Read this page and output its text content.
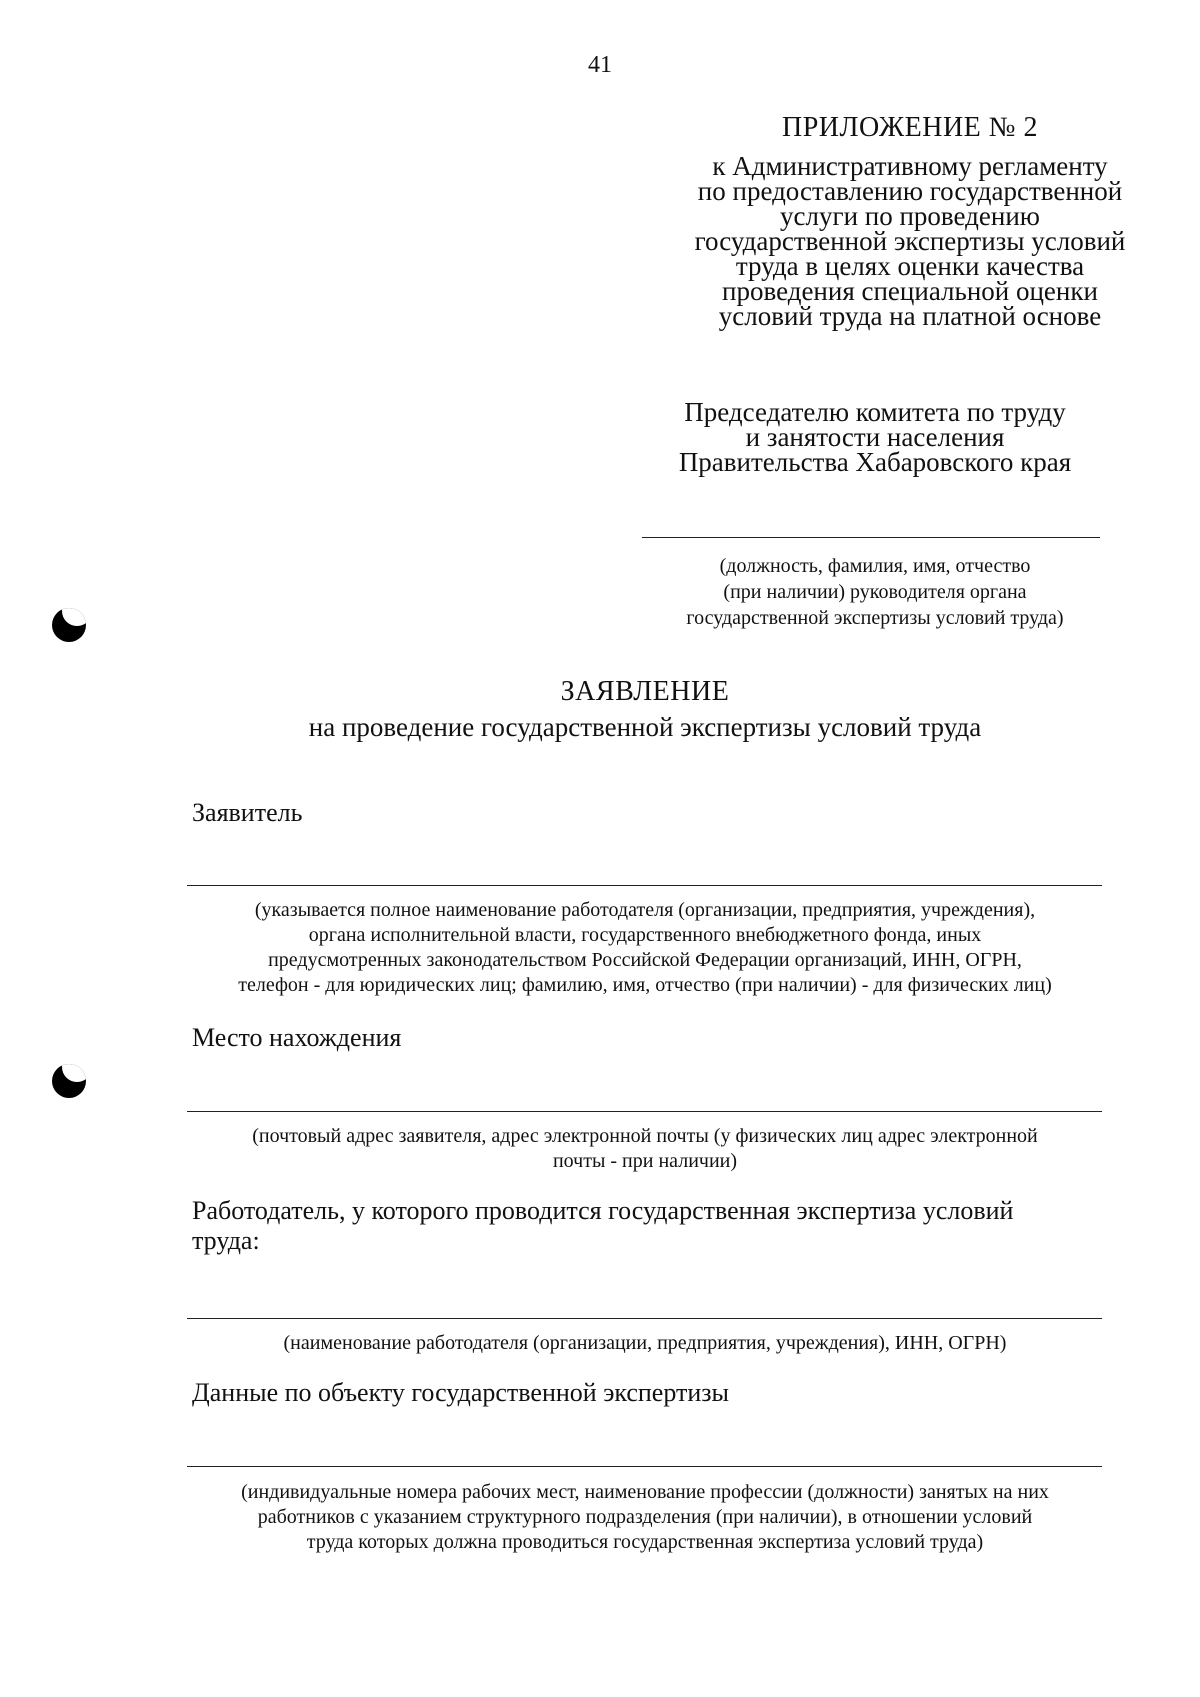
41
ПРИЛОЖЕНИЕ № 2
к Административному регламенту
по предоставлению государственной
услуги по проведению
государственной экспертизы условий
труда в целях оценки качества
проведения специальной оценки
условий труда на платной основе
Председателю комитета по труду
и занятости населения
Правительства Хабаровского края
(должность, фамилия, имя, отчество
(при наличии) руководителя органа
государственной экспертизы условий труда)
ЗАЯВЛЕНИЕ
на проведение государственной экспертизы условий труда
Заявитель
(указывается полное наименование работодателя (организации, предприятия, учреждения),
органа исполнительной власти, государственного внебюджетного фонда, иных
предусмотренных законодательством Российской Федерации организаций, ИНН, ОГРН,
телефон - для юридических лиц; фамилию, имя, отчество (при наличии) - для физических лиц)
Место нахождения
(почтовый адрес заявителя, адрес электронной почты (у физических лиц адрес электронной
почты - при наличии)
Работодатель, у которого проводится государственная экспертиза условий
труда:
(наименование работодателя (организации, предприятия, учреждения), ИНН, ОГРН)
Данные по объекту государственной экспертизы
(индивидуальные номера рабочих мест, наименование профессии (должности) занятых на них
работников с указанием структурного подразделения (при наличии), в отношении условий
труда которых должна проводиться государственная экспертиза условий труда)
